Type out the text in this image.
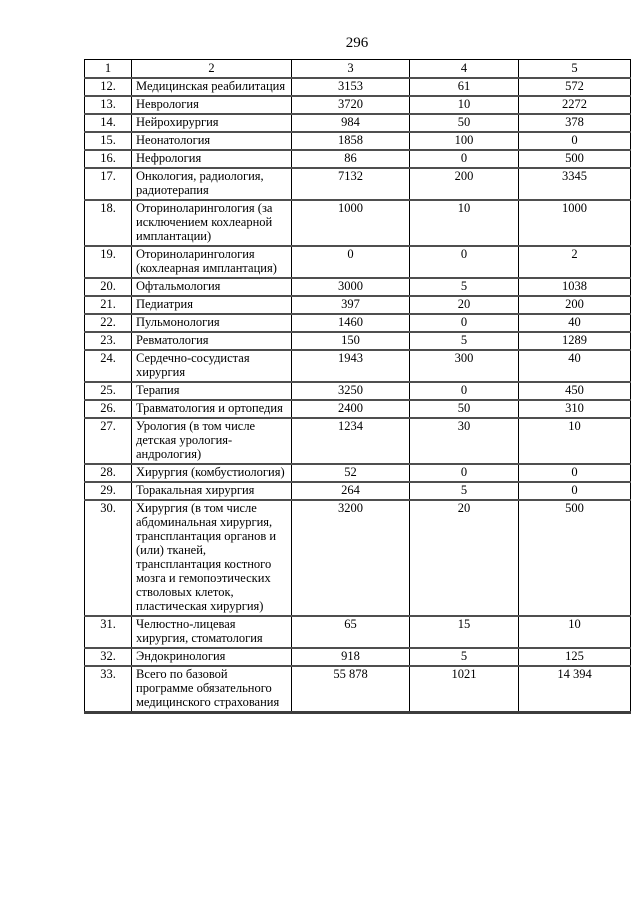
296
1	2	3	4	5
12.	Медицинская реабилитация	3153	61	572
13.	Неврология	3720	10	2272
14.	Нейрохирургия	984	50	378
15.	Неонатология	1858	100	0
16.	Нефрология	86	0	500
17.	Онкология, радиология, радиотерапия	7132	200	3345
18.	Оториноларингология (за исключением кохлеарной имплантации)	1000	10	1000
19.	Оториноларингология (кохлеарная имплантация)	0	0	2
20.	Офтальмология	3000	5	1038
21.	Педиатрия	397	20	200
22.	Пульмонология	1460	0	40
23.	Ревматология	150	5	1289
24.	Сердечно-сосудистая хирургия	1943	300	40
25.	Терапия	3250	0	450
26.	Травматология и ортопедия	2400	50	310
27.	Урология (в том числе детская урология-андрология)	1234	30	10
28.	Хирургия (комбустиология)	52	0	0
29.	Торакальная хирургия	264	5	0
30.	Хирургия (в том числе абдоминальная хирургия, трансплантация органов и (или) тканей, трансплантация костного мозга и гемопоэтических стволовых клеток, пластическая хирургия)	3200	20	500
31.	Челюстно-лицевая хирургия, стоматология	65	15	10
32.	Эндокринология	918	5	125
33.	Всего по базовой программе обязательного медицинского страхования	55 878	1021	14 394
